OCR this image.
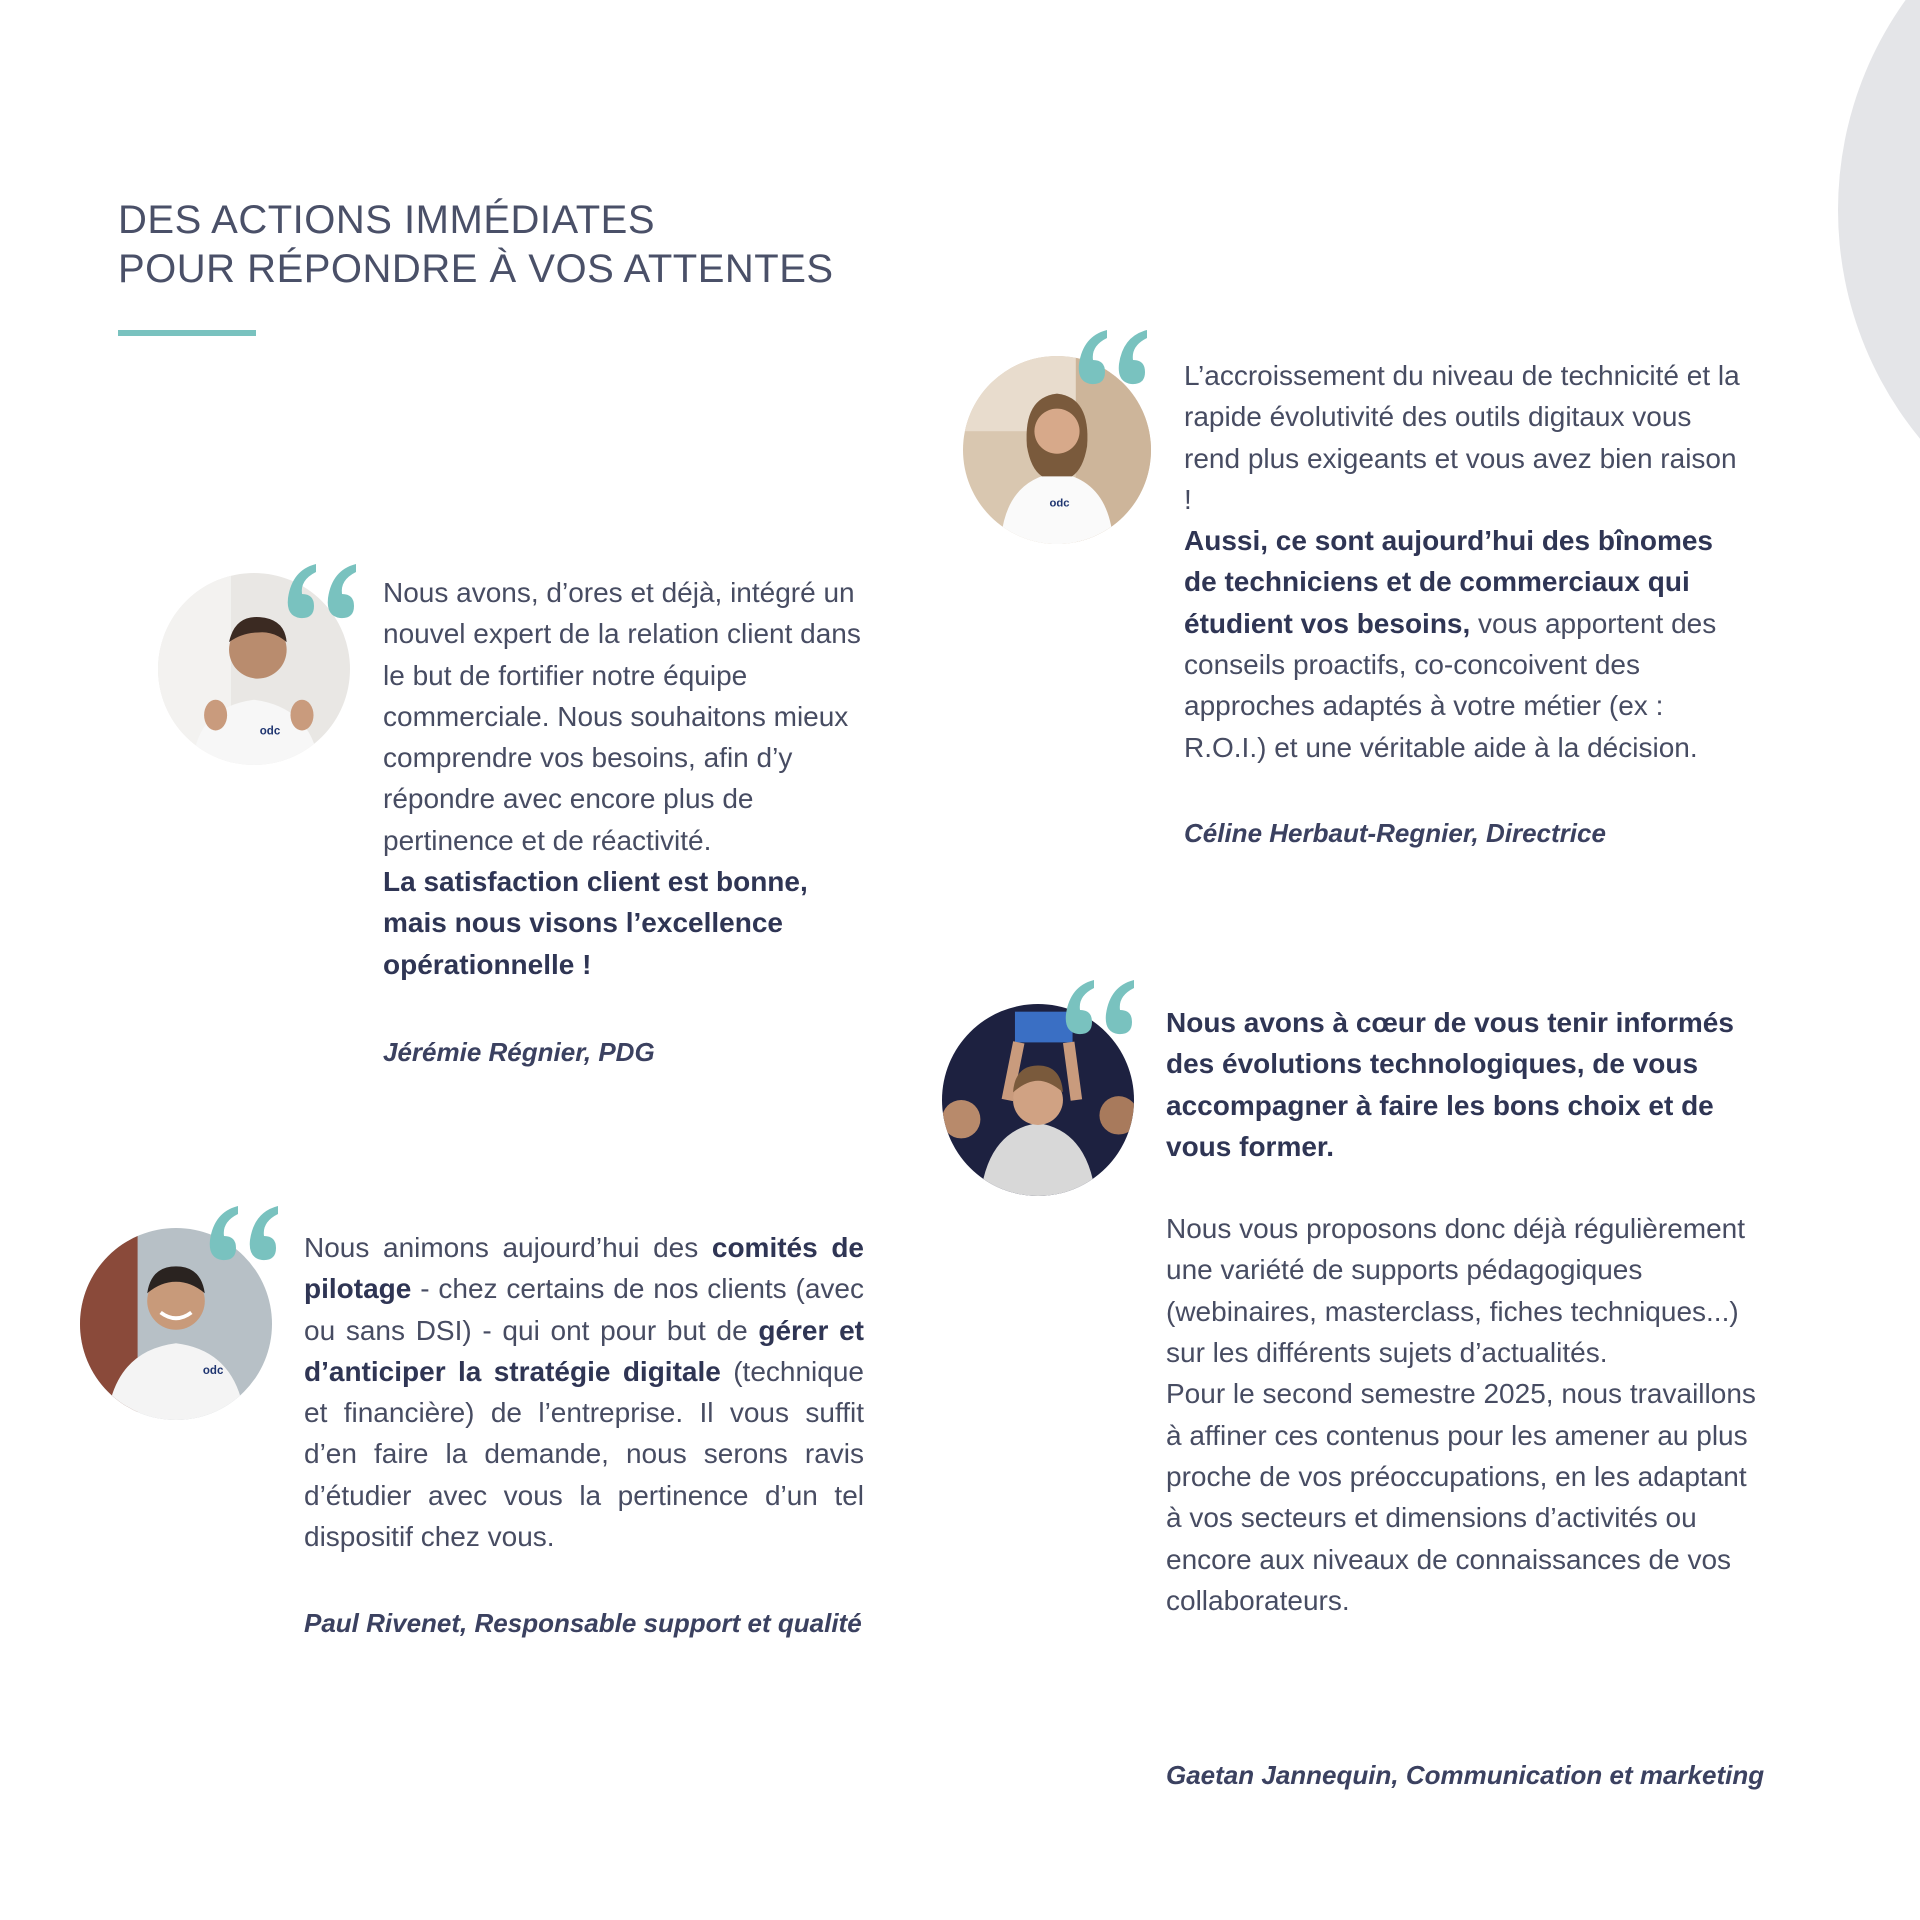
DES ACTIONS IMMÉDIATES
POUR RÉPONDRE À VOS ATTENTES
odc

Nous avons, d’ores et déjà, intégré un nouvel expert de la relation client dans le but de fortifier notre équipe commerciale. Nous souhaitons mieux comprendre vos besoins, afin d’y répondre avec encore plus de pertinence et de réactivité.

La satisfaction client est bonne, mais nous visons l’excellence opérationnelle !

Jérémie Régnier, PDG
odc

L’accroissement du niveau de technicité et la rapide évolutivité des outils digitaux vous rend plus exigeants et vous avez bien raison !

Aussi, ce sont aujourd’hui des bînomes de techniciens et de commerciaux qui étudient vos besoins, vous apportent des conseils proactifs, co-concoivent des approches adaptés à votre métier (ex : R.O.I.) et une véritable aide à la décision.

Céline Herbaut-Regnier, Directrice
odc

Nous animons aujourd’hui des comités de pilotage - chez certains de nos clients (avec ou sans DSI) - qui ont pour but de gérer et d’anticiper la stratégie digitale (technique et financière) de l’entreprise. Il vous suffit d’en faire la demande, nous serons ravis d’étudier avec vous la pertinence d’un tel dispositif chez vous.

Paul Rivenet, Responsable support et qualité

Nous avons à cœur de vous tenir informés des évolutions technologiques, de vous accompagner à faire les bons choix et de vous former.

Nous vous proposons donc déjà régulièrement une variété de supports pédagogiques (webinaires, masterclass, fiches techniques...) sur les différents sujets d’actualités.

Pour le second semestre 2025, nous travaillons à affiner ces contenus pour les amener au plus proche de vos préoccupations, en les adaptant à vos secteurs et dimensions d’activités ou encore aux niveaux de connaissances de vos collaborateurs.

Gaetan Jannequin, Communication et marketing
